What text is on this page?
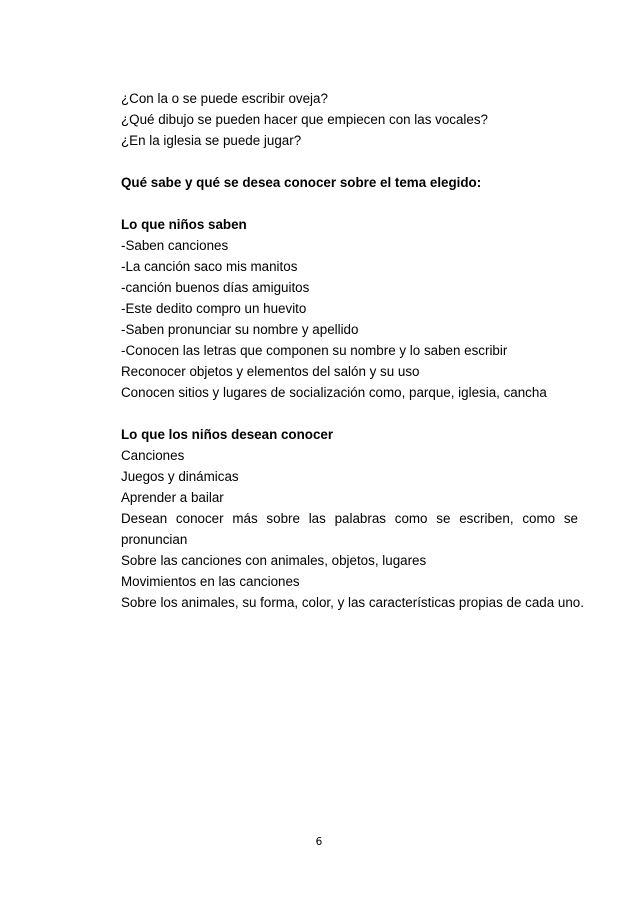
¿Con la o se puede escribir oveja?
¿Qué dibujo se pueden hacer que empiecen con las vocales?
¿En la iglesia se puede jugar?
Qué sabe y qué se desea conocer sobre el tema elegido:
Lo que niños saben
-Saben canciones
-La canción saco mis manitos
-canción buenos días amiguitos
-Este dedito compro un huevito
-Saben pronunciar su nombre y apellido
-Conocen las letras que componen su nombre y lo saben escribir
Reconocer objetos y elementos del salón y su uso
Conocen sitios y lugares de socialización como, parque, iglesia, cancha
Lo que los niños desean conocer
Canciones
Juegos y dinámicas
Aprender a bailar
Desean conocer más sobre las palabras como se escriben, como se
pronuncian
Sobre las canciones con animales, objetos, lugares
Movimientos en las canciones
Sobre los animales, su forma, color, y las características propias de cada uno.
6
